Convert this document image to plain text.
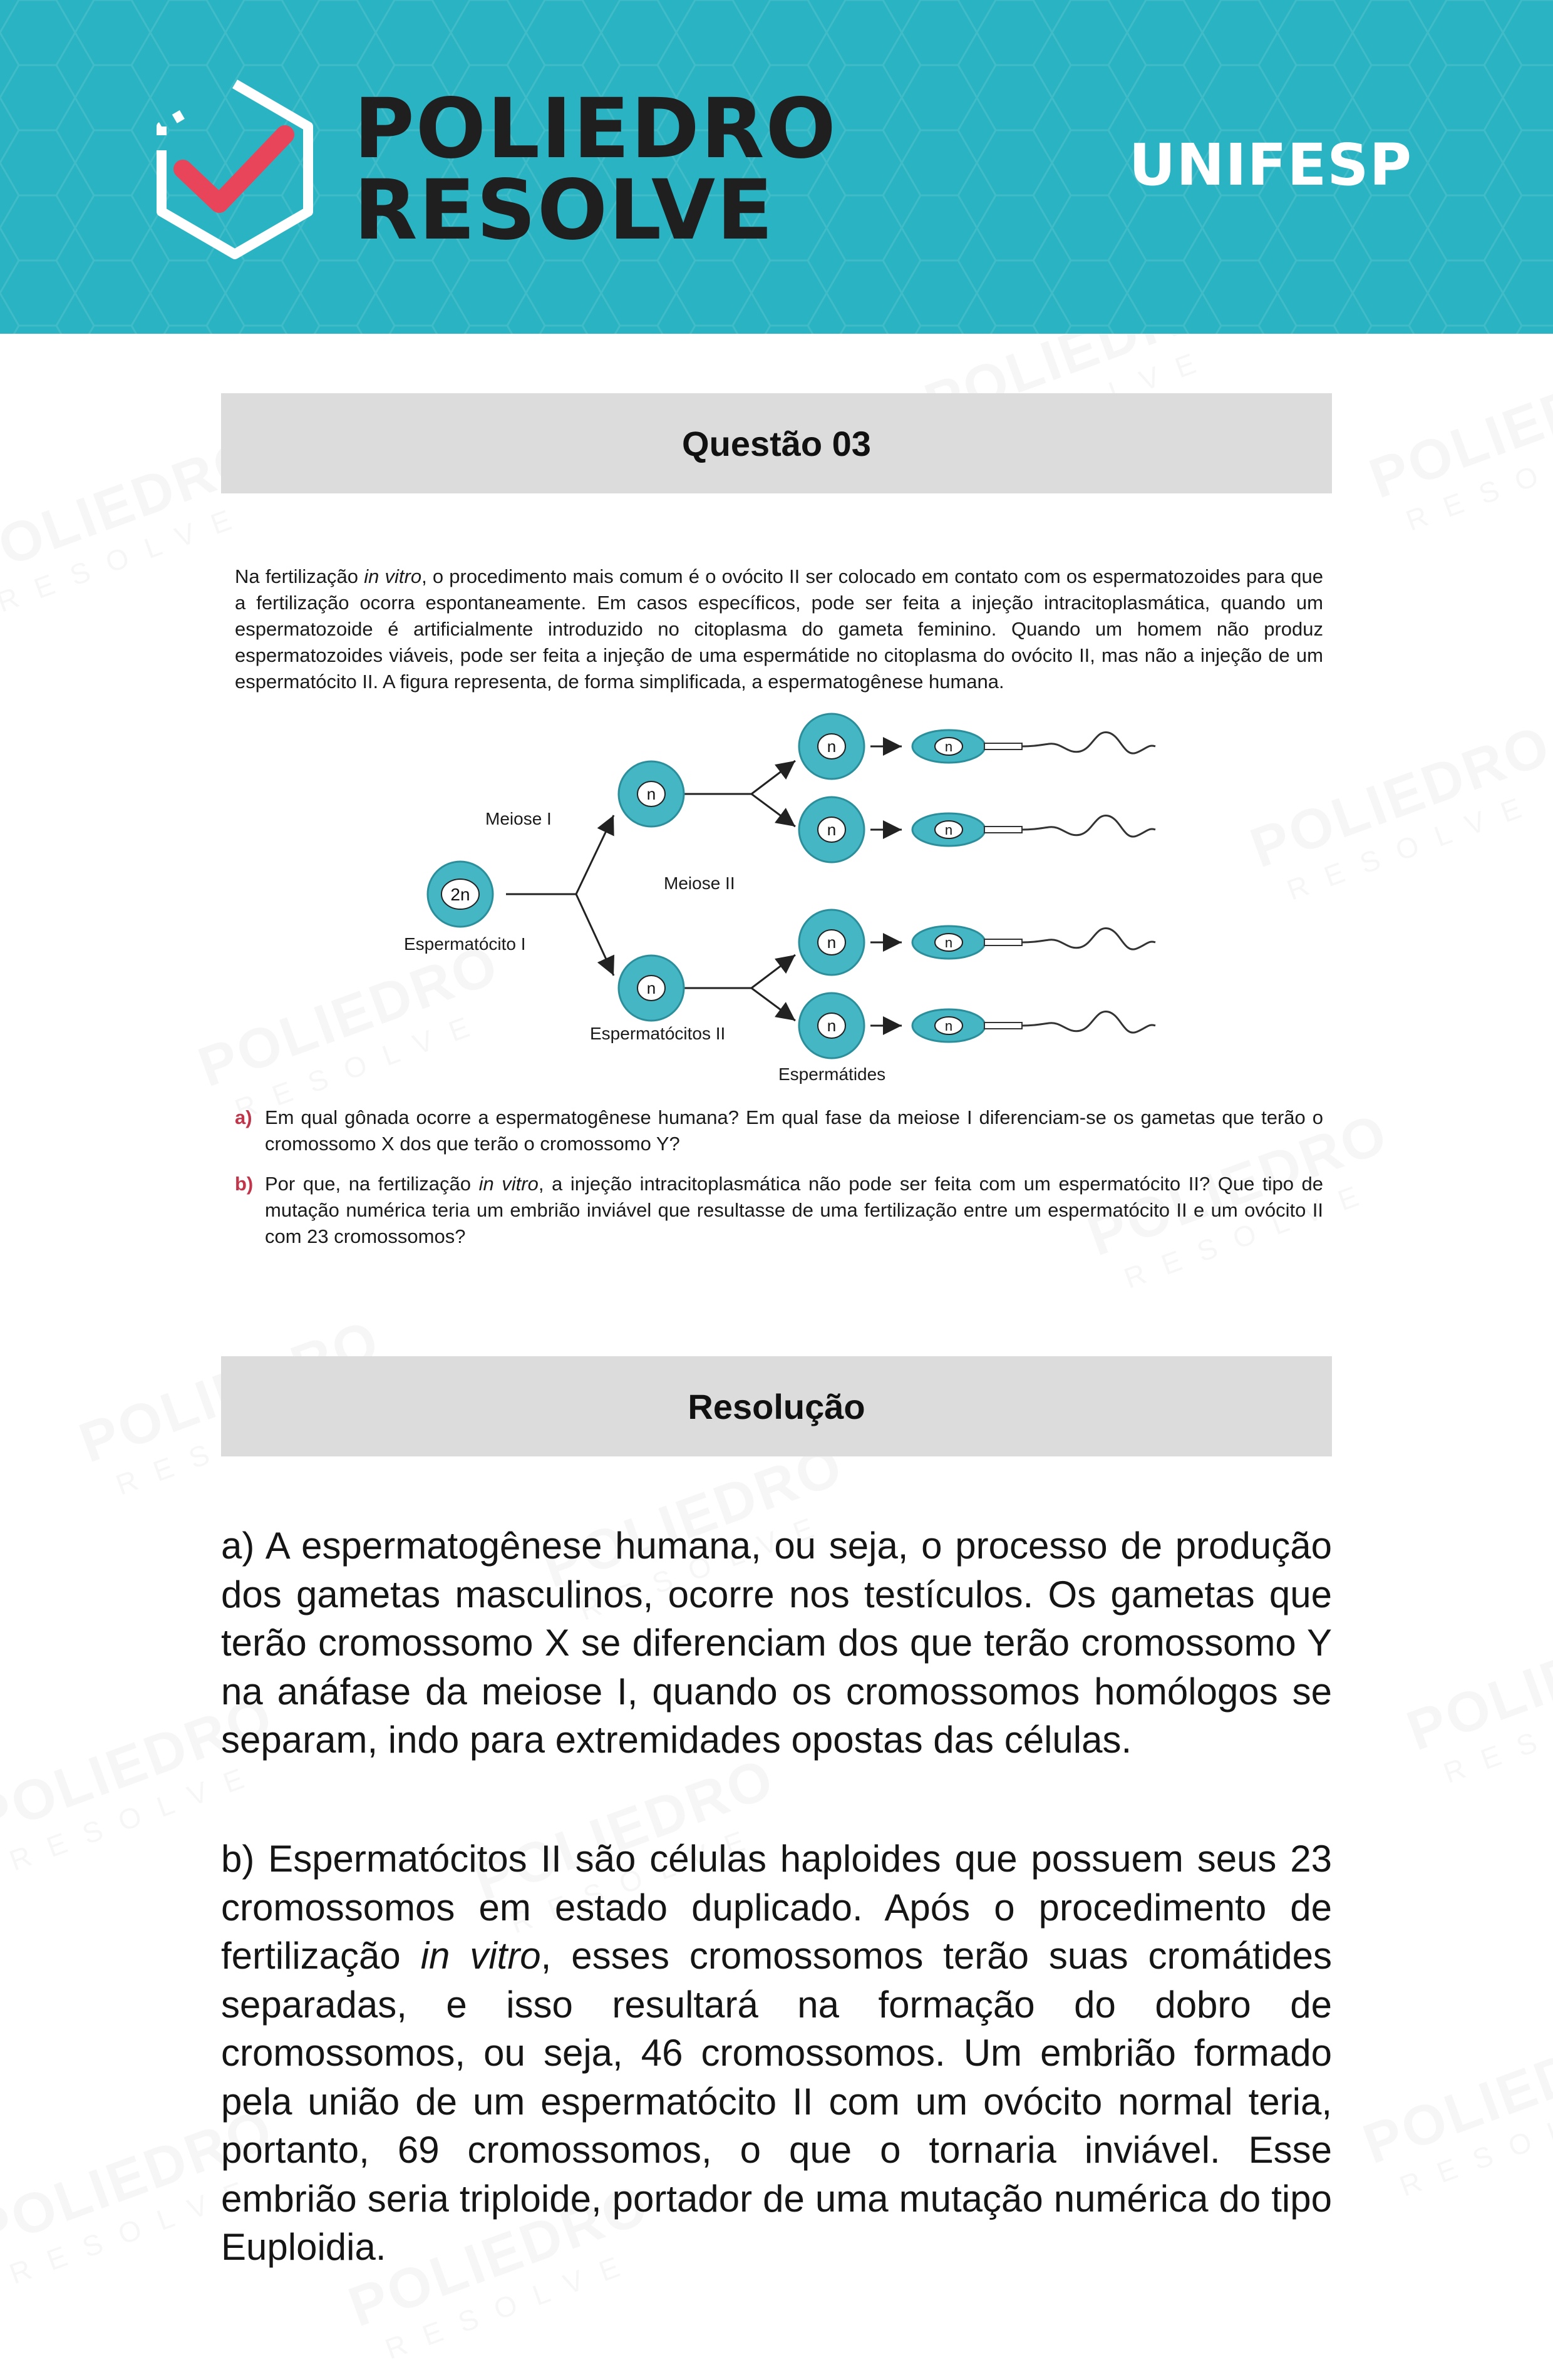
POLIEDRO
RESOLVE	UNIFESP
Questão 03
Na fertilização in vitro, o procedimento mais comum é o ovócito II ser colocado em contato com os espermatozoides para que a fertilização ocorra espontaneamente. Em casos específicos, pode ser feita a injeção intracitoplasmática, quando um espermatozoide é artificialmente introduzido no citoplasma do gameta feminino. Quando um homem não produz espermatozoides viáveis, pode ser feita a injeção de uma espermátide no citoplasma do ovócito II, mas não a injeção de um espermatócito II. A figura representa, de forma simplificada, a espermatogênese humana.
2n
n
n
n
n
n
n
n
n
n
n
Meiose I
Meiose II
Espermatócito I
Espermatócitos II
Espermátides
a) Em qual gônada ocorre a espermatogênese humana? Em qual fase da meiose I diferenciam-se os gametas que terão o cromossomo X dos que terão o cromossomo Y?
b) Por que, na fertilização in vitro, a injeção intracitoplasmática não pode ser feita com um espermatócito II? Que tipo de mutação numérica teria um embrião inviável que resultasse de uma fertilização entre um espermatócito II e um ovócito II com 23 cromossomos?
Resolução
a) A espermatogênese humana, ou seja, o processo de produção dos gametas masculinos, ocorre nos testículos. Os gametas que terão cromossomo X se diferenciam dos que terão cromossomo Y na anáfase da meiose I, quando os cromossomos homólogos se separam, indo para extremidades opostas das células.
b) Espermatócitos II são células haploides que possuem seus 23 cromossomos em estado duplicado. Após o procedimento de fertilização in vitro, esses cromossomos terão suas cromátides separadas, e isso resultará na formação do dobro de cromossomos, ou seja, 46 cromossomos. Um embrião formado pela união de um espermatócito II com um ovócito normal teria, portanto, 69 cromossomos, o que o tornaria inviável. Esse embrião seria triploide, portador de uma mutação numérica do tipo Euploidia.
